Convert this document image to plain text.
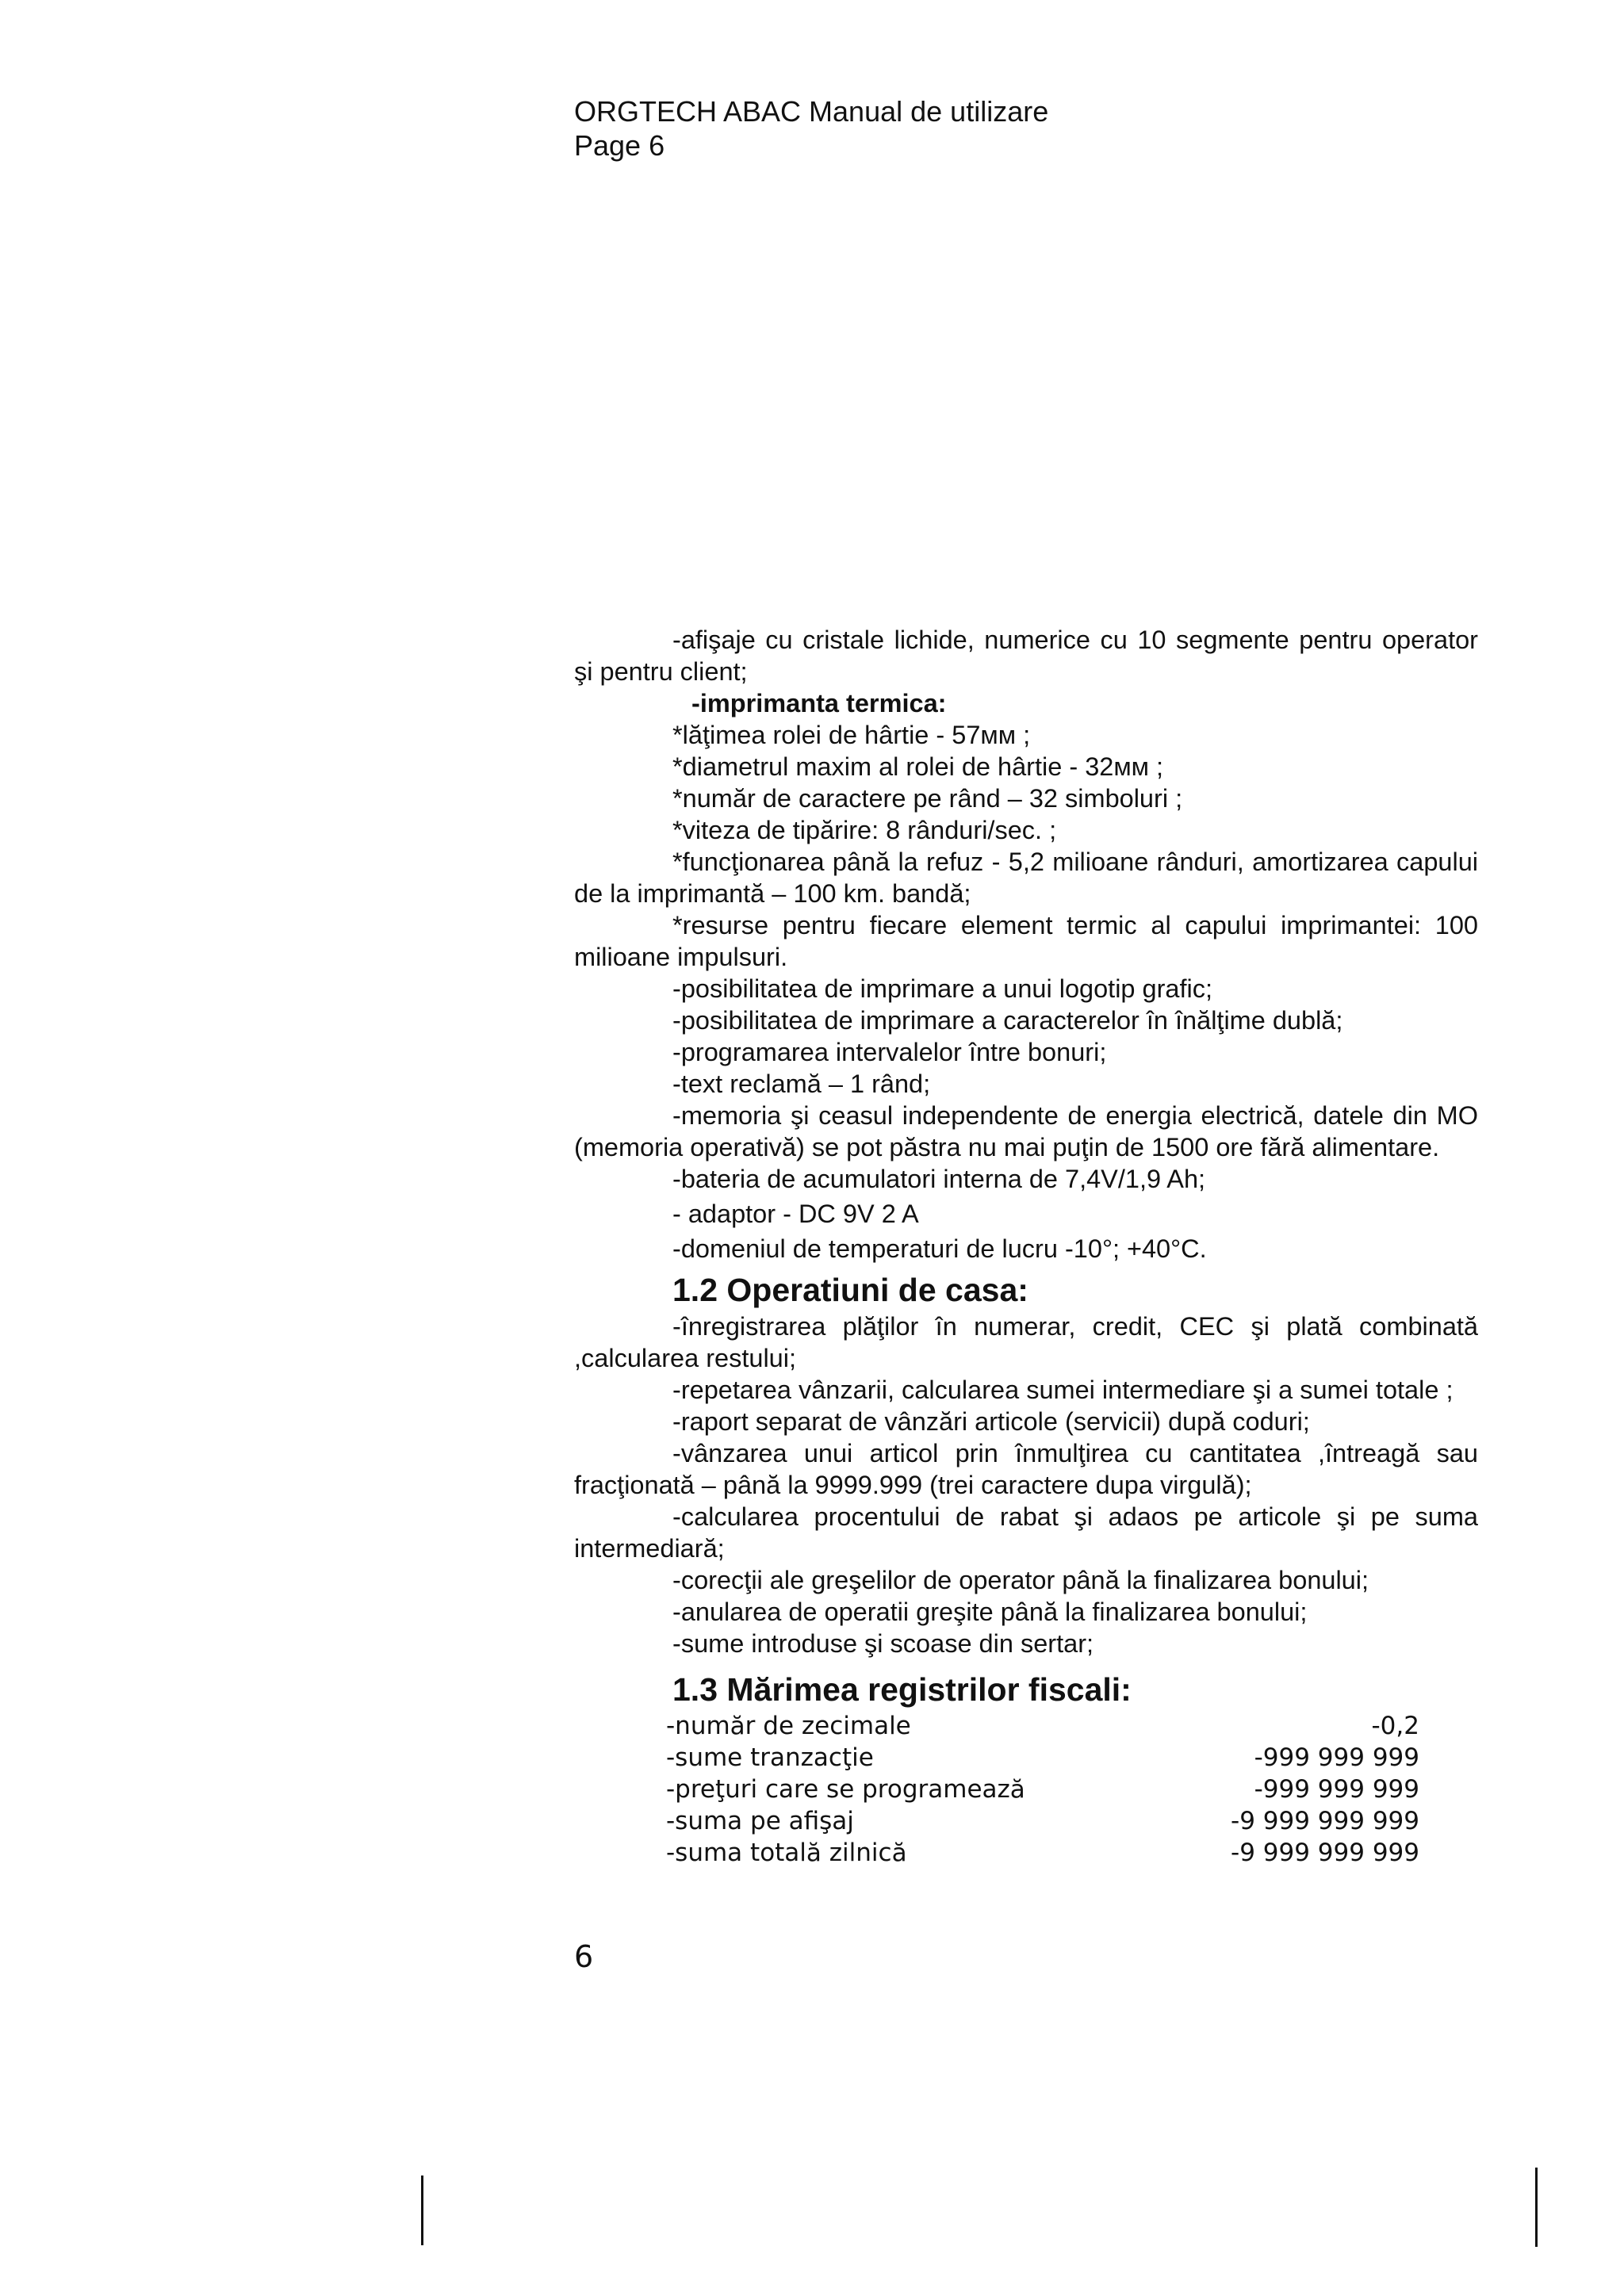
ORGTECH ABAC Manual de utilizare

Page 6

-afişaje cu cristale lichide, numerice cu 10 segmente pentru operator şi pentru client;

-imprimanta termica:

*lăţimea rolei de hârtie - 57мм ;

*diametrul maxim al rolei de hârtie - 32мм ;

*număr de caractere pe rând – 32 simboluri ;

*viteza de tipărire: 8 rânduri/sec. ;

*funcţionarea până la refuz - 5,2 milioane rânduri, amortizarea capului de la imprimantă – 100 km. bandă;

*resurse pentru fiecare element termic al capului imprimantei: 100 milioane impulsuri.

-posibilitatea de imprimare a unui logotip grafic;

-posibilitatea de imprimare a caracterelor în înălţime dublă;

-programarea intervalelor între bonuri;

-text reclamă – 1 rând;

-memoria şi ceasul independente de energia electrică, datele din MO (memoria operativă) se pot păstra nu mai puţin de 1500 ore fără alimentare.

-bateria de acumulatori interna de 7,4V/1,9 Ah;

- adaptor - DC 9V 2 A

-domeniul de temperaturi de lucru -10°; +40°C.

1.2 Operatiuni de casa:

-înregistrarea plăţilor în numerar, credit, CEC şi plată combinată ,calcularea restului;

-repetarea vânzarii, calcularea sumei intermediare şi a sumei totale ;

-raport separat de vânzări articole (servicii) după coduri;

-vânzarea unui articol prin înmulţirea cu cantitatea ,întreagă sau fracţionată – până la 9999.999 (trei caractere dupa virgulă);

-calcularea procentului de rabat şi adaos pe articole şi pe suma intermediară;

-corecţii ale greşelilor de operator până la finalizarea bonului;

-anularea de operatii greşite până la finalizarea bonului;

-sume introduse şi scoase din sertar;

1.3 Mărimea registrilor fiscali:

-număr de zecimale	-0,2
-sume tranzacţie	-999 999 999
-preţuri care se programează	-999 999 999
-suma pe afişaj	-9 999 999 999
-suma totală zilnică	-9 999 999 999

6
